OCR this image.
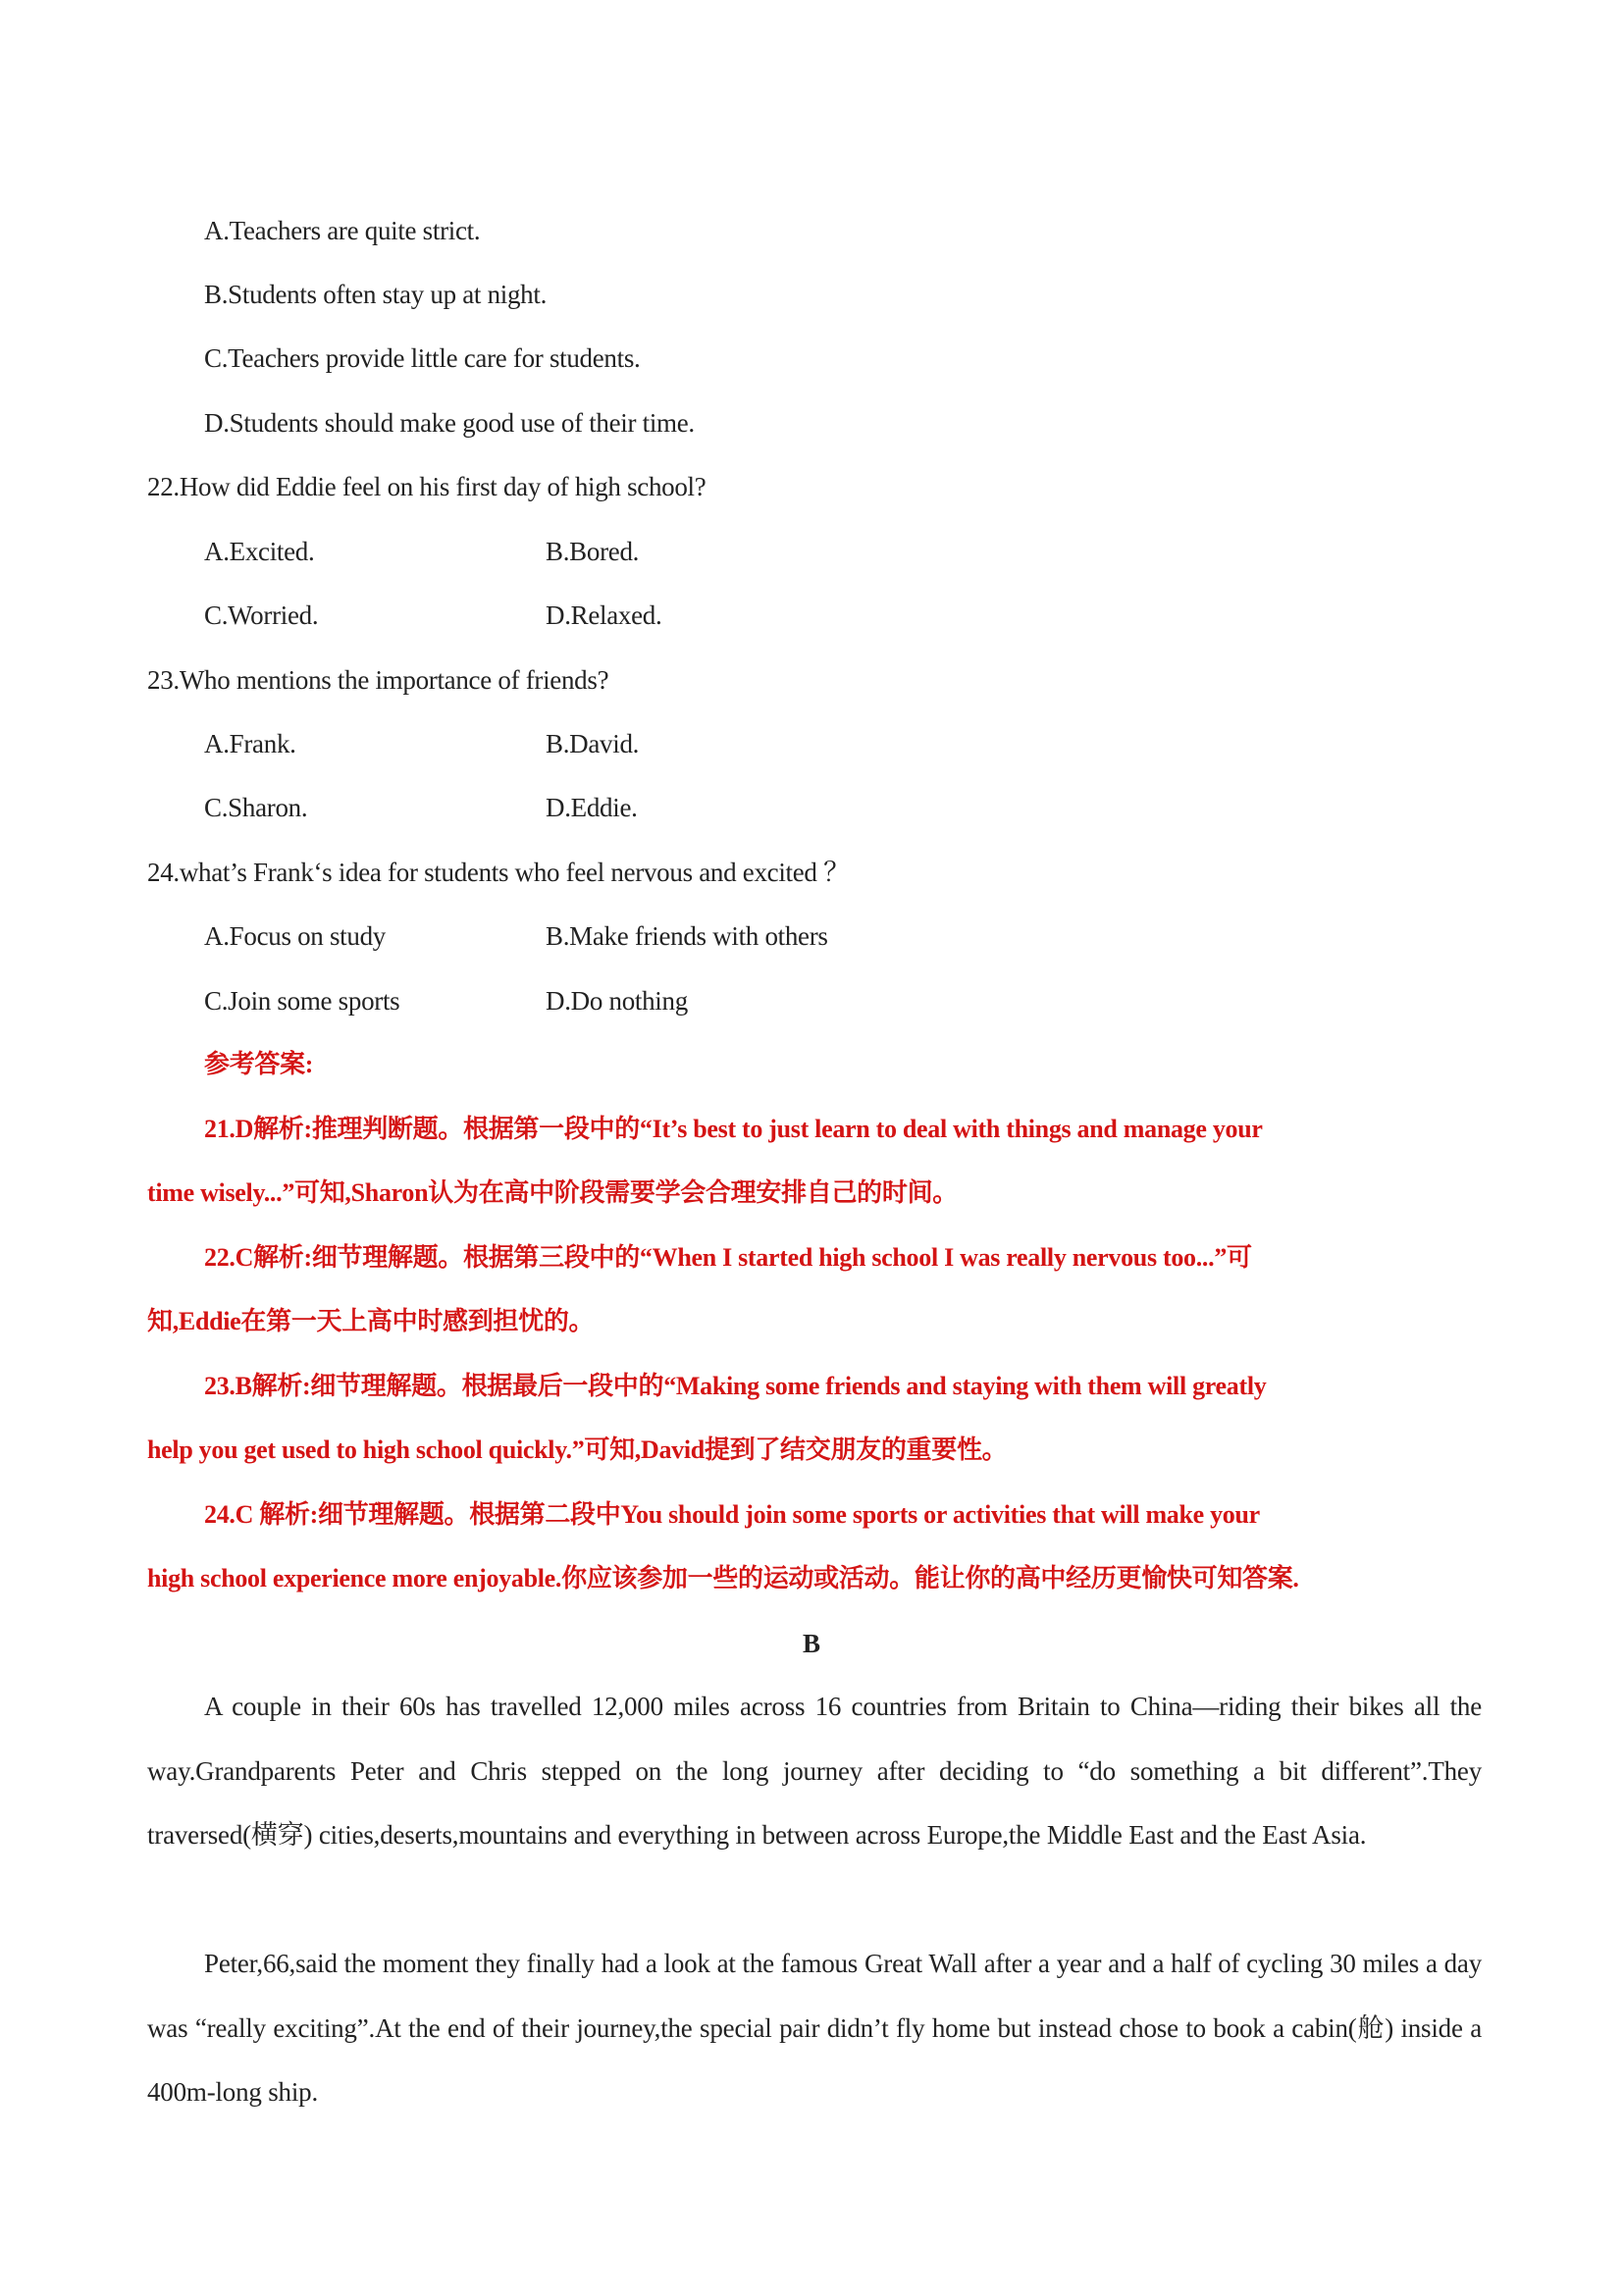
A.Teachers are quite strict.
B.Students often stay up at night.
C.Teachers provide little care for students.
D.Students should make good use of their time.
22.How did Eddie feel on his first day of high school?
A.Excited.	B.Bored.
C.Worried.	D.Relaxed.
23.Who mentions the importance of friends?
A.Frank.	B.David.
C.Sharon.	D.Eddie.
24.what’s Frank‘s idea for students who feel nervous and excited ？
A.Focus on study	B.Make friends with others
C.Join some sports	D.Do nothing
参考答案:
21.D解析:推理判断题。根据第一段中的“It’s best to just learn to deal with things and manage your
time wisely...”可知,Sharon认为在高中阶段需要学会合理安排自己的时间。
22.C解析:细节理解题。根据第三段中的“When I started high school I was really nervous too...”可
知,Eddie在第一天上高中时感到担忧的。
23.B解析:细节理解题。根据最后一段中的“Making some friends and staying with them will greatly
help you get used to high school quickly.”可知,David提到了结交朋友的重要性。
24.C 解析:细节理解题。根据第二段中You should join some sports or activities that will make your
high school experience more enjoyable.你应该参加一些的运动或活动。能让你的高中经历更愉快可知答案.
B
A couple in their 60s has travelled 12,000 miles across 16 countries from Britain to China—riding their bikes all the way.Grandparents Peter and Chris stepped on the long journey after deciding to “do something a bit different”.They traversed(横穿) cities,deserts,mountains and everything in between across Europe,the Middle East and the East Asia.
Peter,66,said the moment they finally had a look at the famous Great Wall after a year and a half of cycling 30 miles a day was “really exciting”.At the end of their journey,the special pair didn’t fly home but instead chose to book a cabin(舱) inside a 400m-long ship.
